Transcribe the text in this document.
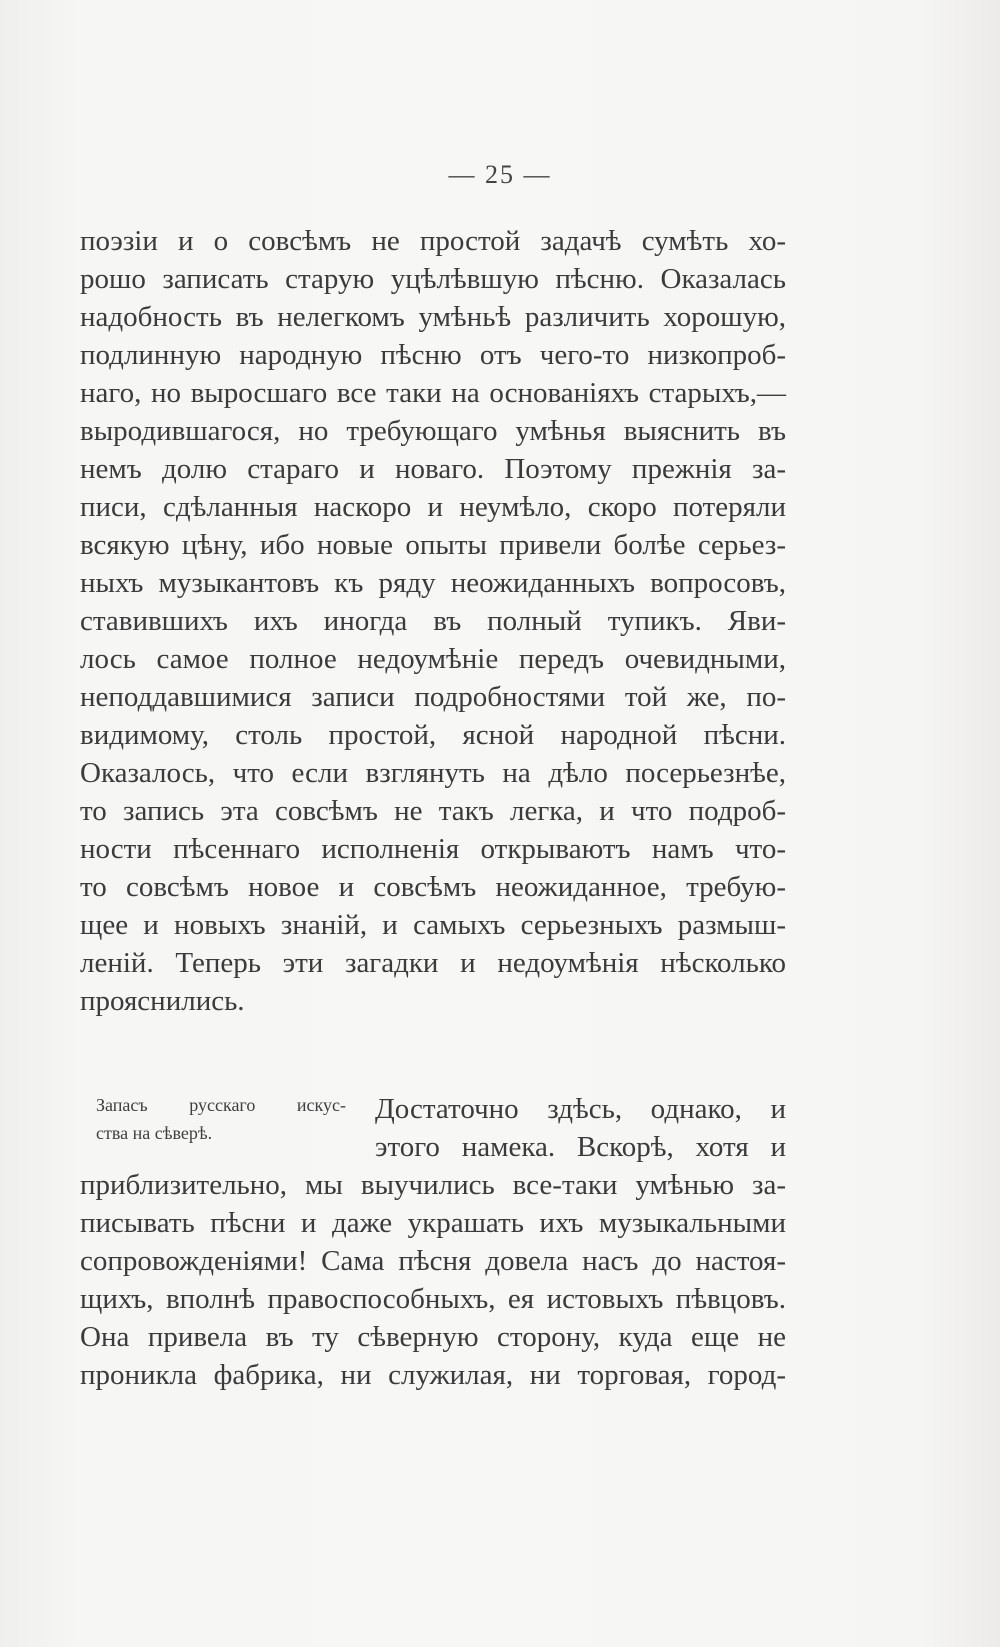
— 25 —
поэзіи и о совсѣмъ не простой задачѣ сумѣть хо-
рошо записать старую уцѣлѣвшую пѣсню. Оказалась
надобность въ нелегкомъ умѣньѣ различить хорошую,
подлинную народную пѣсню отъ чего-то низкопроб-
наго, но выросшаго все таки на основаніяхъ старыхъ,—
выродившагося, но требующаго умѣнья выяснить въ
немъ долю стараго и новаго. Поэтому прежнія за-
писи, сдѣланныя наскоро и неумѣло, скоро потеряли
всякую цѣну, ибо новые опыты привели болѣе серьез-
ныхъ музыкантовъ къ ряду неожиданныхъ вопросовъ,
ставившихъ ихъ иногда въ полный тупикъ. Яви-
лось самое полное недоумѣніе передъ очевидными,
неподдавшимися записи подробностями той же, по-
видимому, столь простой, ясной народной пѣсни.
Оказалось, что если взглянуть на дѣло посерьезнѣе,
то запись эта совсѣмъ не такъ легка, и что подроб-
ности пѣсеннаго исполненія открываютъ намъ что-
то совсѣмъ новое и совсѣмъ неожиданное, требую-
щее и новыхъ знаній, и самыхъ серьезныхъ размыш-
леній. Теперь эти загадки и недоумѣнія нѣсколько
прояснились.
Запасъ русскаго искус-
ства на сѣверѣ.
Достаточно здѣсь, однако, и
этого намека. Вскорѣ, хотя и
приблизительно, мы выучились все-таки умѣнью за-
писывать пѣсни и даже украшать ихъ музыкальными
сопровожденіями! Сама пѣсня довела насъ до настоя-
щихъ, вполнѣ правоспособныхъ, ея истовыхъ пѣвцовъ.
Она привела въ ту сѣверную сторону, куда еще не
проникла фабрика, ни служилая, ни торговая, город-
